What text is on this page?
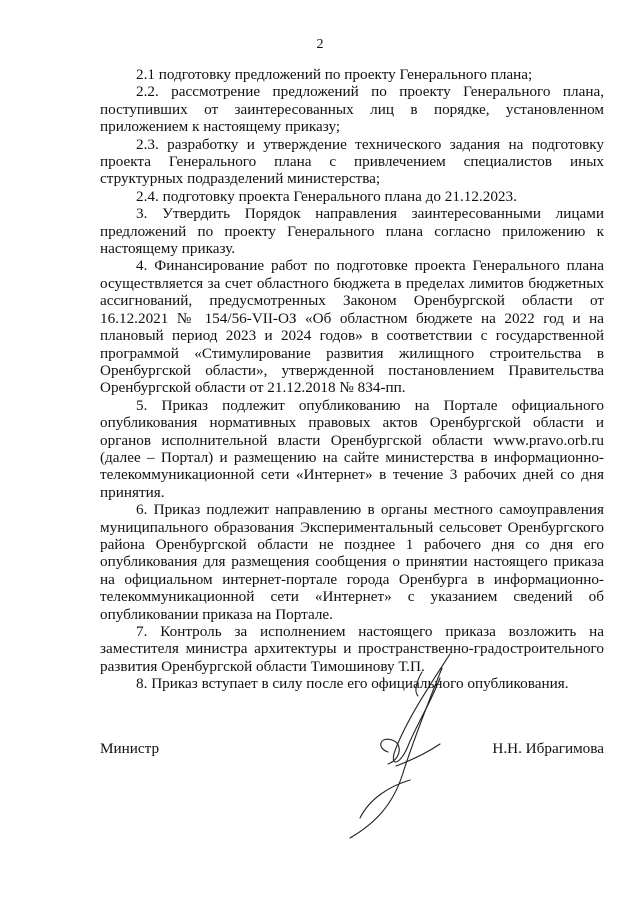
2

2.1 подготовку предложений по проекту Генерального плана;

2.2. рассмотрение предложений по проекту Генерального плана, поступивших от заинтересованных лиц в порядке, установленном приложением к настоящему приказу;

2.3. разработку и утверждение технического задания на подготовку проекта Генерального плана с привлечением специалистов иных структурных подразделений министерства;

2.4. подготовку проекта Генерального плана до 21.12.2023.

3. Утвердить Порядок направления заинтересованными лицами предложений по проекту Генерального плана согласно приложению к настоящему приказу.

4. Финансирование работ по подготовке проекта Генерального плана осуществляется за счет областного бюджета в пределах лимитов бюджетных ассигнований, предусмотренных Законом Оренбургской области от 16.12.2021 № 154/56-VII-ОЗ «Об областном бюджете на 2022 год и на плановый период 2023 и 2024 годов» в соответствии с государственной программой «Стимулирование развития жилищного строительства в Оренбургской области», утвержденной постановлением Правительства Оренбургской области от 21.12.2018 № 834-пп.

5. Приказ подлежит опубликованию на Портале официального опубликования нормативных правовых актов Оренбургской области и органов исполнительной власти Оренбургской области www.pravo.orb.ru (далее – Портал) и размещению на сайте министерства в информационно-телекоммуникационной сети «Интернет» в течение 3 рабочих дней со дня принятия.

6. Приказ подлежит направлению в органы местного самоуправления муниципального образования Экспериментальный сельсовет Оренбургского района Оренбургской области не позднее 1 рабочего дня со дня его опубликования для размещения сообщения о принятии настоящего приказа на официальном интернет-портале города Оренбурга в информационно-телекоммуникационной сети «Интернет» с указанием сведений об опубликовании приказа на Портале.

7. Контроль за исполнением настоящего приказа возложить на заместителя министра архитектуры и пространственно-градостроительного развития Оренбургской области Тимошинову Т.П.

8. Приказ вступает в силу после его официального опубликования.

Министр	Н.Н. Ибрагимова
